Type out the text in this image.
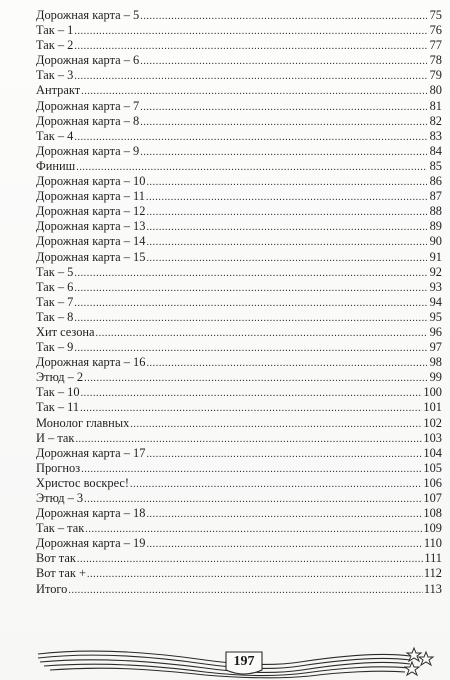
Дорожная карта – 5 .....	75
Так – 1 .....	76
Так – 2 .....	77
Дорожная карта – 6 .....	78
Так – 3 .....	79
Антракт .....	80
Дорожная карта – 7 .....	81
Дорожная карта – 8 .....	82
Так – 4 .....	83
Дорожная карта – 9 .....	84
Финиш .....	85
Дорожная карта – 10 .....	86
Дорожная карта – 11 .....	87
Дорожная карта – 12 .....	88
Дорожная карта – 13 .....	89
Дорожная карта – 14 .....	90
Дорожная карта – 15 .....	91
Так – 5 .....	92
Так – 6 .....	93
Так – 7 .....	94
Так – 8 .....	95
Хит сезона .....	96
Так – 9 .....	97
Дорожная карта – 16 .....	98
Этюд – 2 .....	99
Так – 10 .....	100
Так – 11 .....	101
Монолог главных .....	102
И – так .....	103
Дорожная карта – 17 .....	104
Прогноз .....	105
Христос воскрес! .....	106
Этюд – 3 .....	107
Дорожная карта – 18 .....	108
Так – так .....	109
Дорожная карта – 19 .....	110
Вот так .....	111
Вот так + .....	112
Итого .....	113
197
